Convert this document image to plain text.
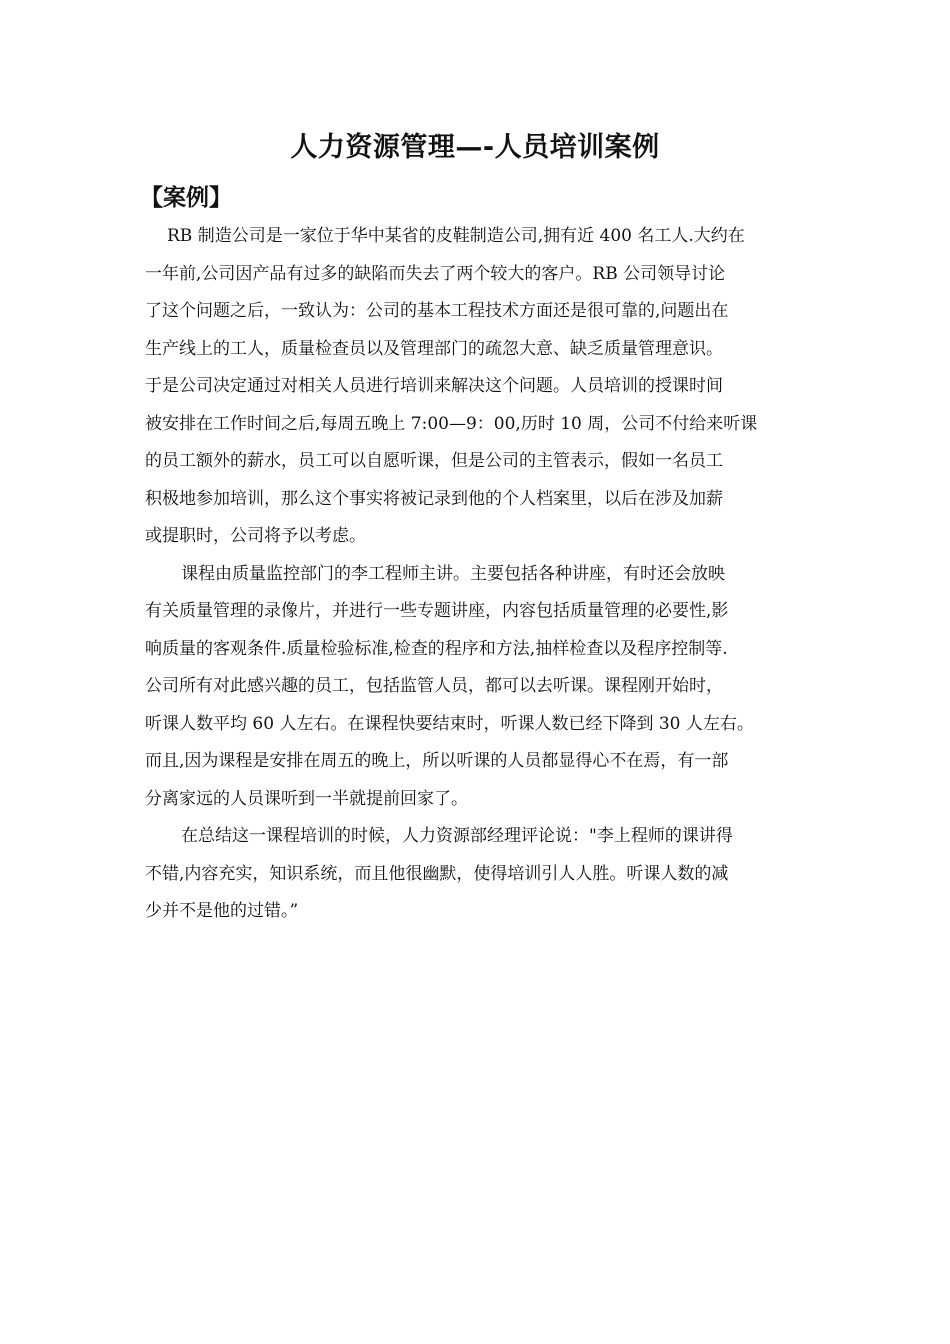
人力资源管理—-人员培训案例
【案例】
RB 制造公司是一家位于华中某省的皮鞋制造公司,拥有近 400 名工人.大约在
一年前,公司因产品有过多的缺陷而失去了两个较大的客户。RB 公司领导讨论
了这个问题之后，一致认为：公司的基本工程技术方面还是很可靠的,问题出在
生产线上的工人，质量检查员以及管理部门的疏忽大意、缺乏质量管理意识。
于是公司决定通过对相关人员进行培训来解决这个问题。人员培训的授课时间
被安排在工作时间之后,每周五晚上 7:00—9：00,历时 10 周，公司不付给来听课
的员工额外的薪水，员工可以自愿听课，但是公司的主管表示，假如一名员工
积极地参加培训，那么这个事实将被记录到他的个人档案里，以后在涉及加薪
或提职时，公司将予以考虑。
课程由质量监控部门的李工程师主讲。主要包括各种讲座，有时还会放映
有关质量管理的录像片，并进行一些专题讲座，内容包括质量管理的必要性,影
响质量的客观条件.质量检验标准,检查的程序和方法,抽样检查以及程序控制等.
公司所有对此感兴趣的员工，包括监管人员，都可以去听课。课程刚开始时，
听课人数平均 60 人左右。在课程快要结束时，听课人数已经下降到 30 人左右。
而且,因为课程是安排在周五的晚上，所以听课的人员都显得心不在焉，有一部
分离家远的人员课听到一半就提前回家了。
在总结这一课程培训的时候，人力资源部经理评论说："李上程师的课讲得
不错,内容充实，知识系统，而且他很幽默，使得培训引人人胜。听课人数的减
少并不是他的过错。”
